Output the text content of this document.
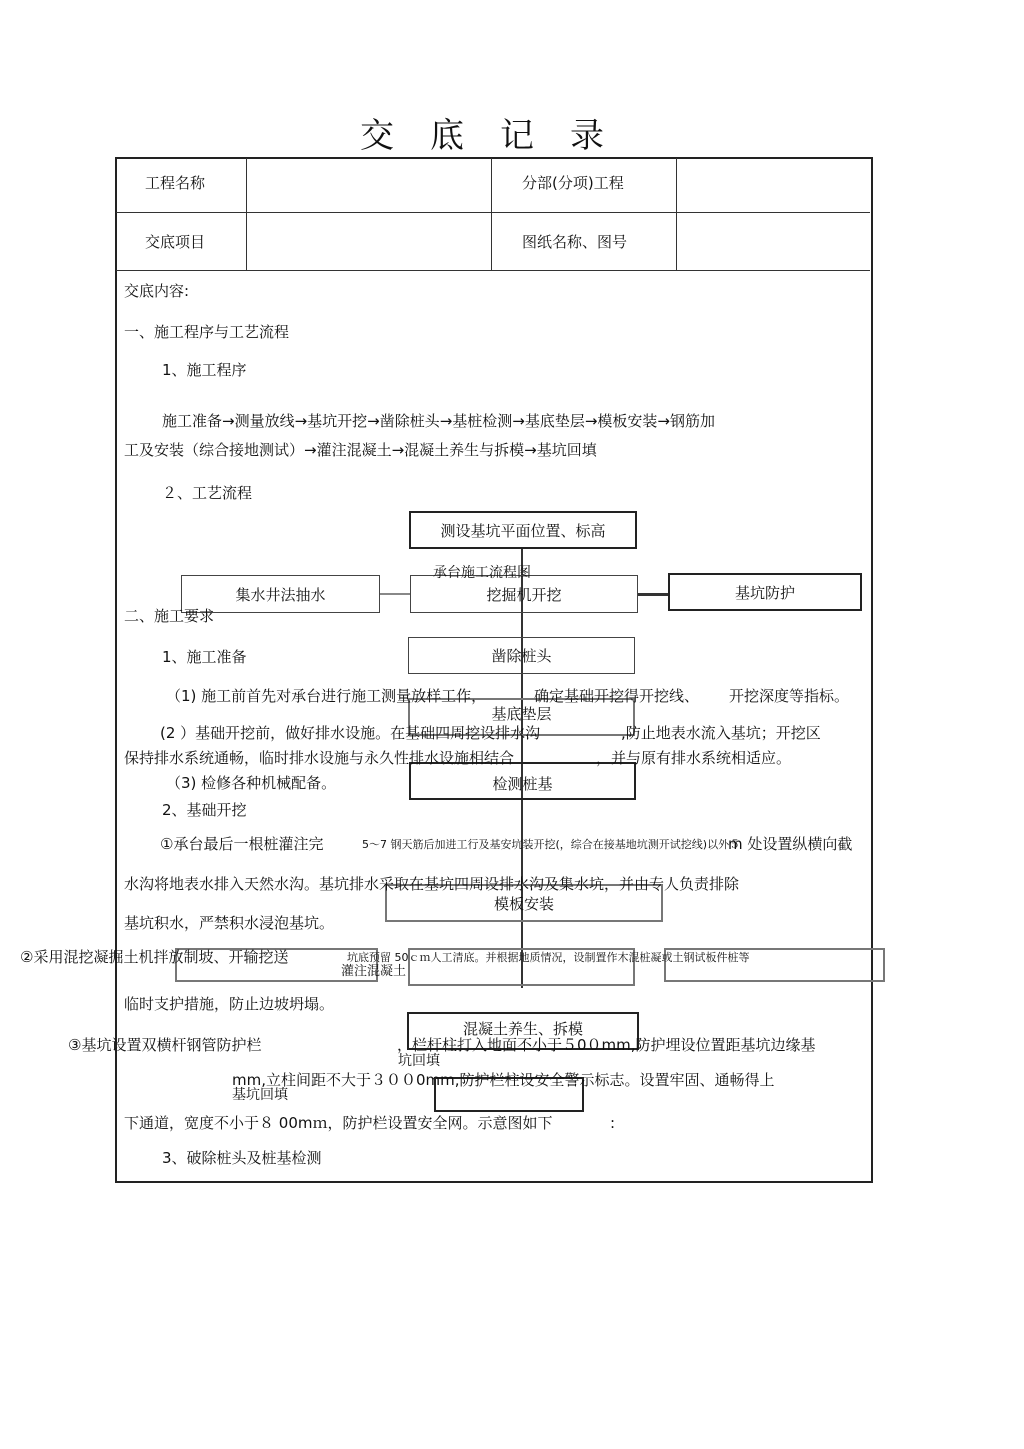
交底记录
工程名称	分部(分项)工程
交底项目	图纸名称、图号
交底内容:
测设基坑平面位置、标高
集水井法抽水	挖掘机开挖	基坑防护
凿除桩头
基底垫层
检测桩基
模板安装
混凝土养生、拆模
一、施工程序与工艺流程
1、施工程序
施工准备→测量放线→基坑开挖→凿除桩头→基桩检测→基底垫层→模板安装→钢筋加
工及安装（综合接地测试）→灌注混凝土→混凝土养生与拆模→基坑回填
２、工艺流程
承台施工流程图
二、施工要求
1、施工准备
（1) 施工前首先对承台进行施工测量放样工作，	确定基础开挖得开挖线、 开挖深度等指标。
(2 ）基础开挖前，做好排水设施。在基础四周挖设排水沟	,防止地表水流入基坑；开挖区
保持排水系统通畅，临时排水设施与永久性排水设施相结合	，并与原有排水系统相适应。
（3) 检修各种机械配备。
2、基础开挖
①承台最后一根桩灌注完	5～7 钢天筋后加进工行及基安坑装开挖(，综合在接基地坑测开试挖线)以外５
m 处设置纵横向截
水沟将地表水排入天然水沟。基坑排水采取在基坑四周设排水沟及集水坑，并由专人负责排除
基坑积水，严禁积水浸泡基坑。
②采用混挖凝掘土机拌放制坡、开输挖送	坑底预留 50ｃｍ人工清底。并根据地质情况，设制置作木混桩凝或土钢试板件桩等
灌注混凝土
临时支护措施，防止边坡坍塌。
③基坑设置双横杆钢管防护栏	，栏杆柱打入地面不小于５0０mm,防护埋设位置距基坑边缘基
坑回填
mm,立柱间距不大于３００0mm,防护栏柱设安全警示标志。设置牢固、通畅得上
基坑回填
下通道，宽度不小于８ 00mｍ，防护栏设置安全网。示意图如下	:
3、破除桩头及桩基检测
